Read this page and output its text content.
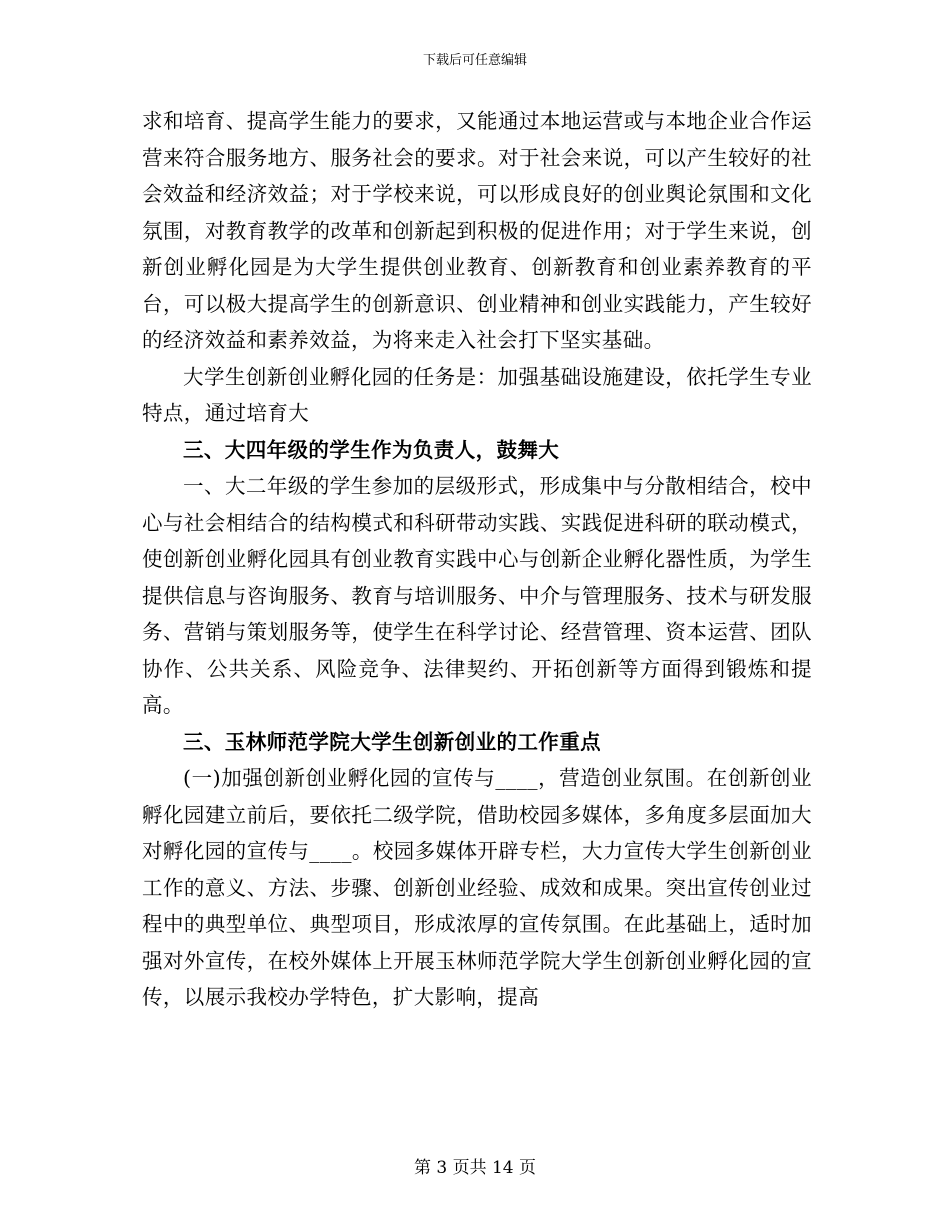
下载后可任意编辑

求和培育、提高学生能力的要求，又能通过本地运营或与本地企业合作运营来符合服务地方、服务社会的要求。对于社会来说，可以产生较好的社会效益和经济效益；对于学校来说，可以形成良好的创业舆论氛围和文化氛围，对教育教学的改革和创新起到积极的促进作用；对于学生来说，创新创业孵化园是为大学生提供创业教育、创新教育和创业素养教育的平台，可以极大提高学生的创新意识、创业精神和创业实践能力，产生较好的经济效益和素养效益，为将来走入社会打下坚实基础。

大学生创新创业孵化园的任务是：加强基础设施建设，依托学生专业特点，通过培育大

三、大四年级的学生作为负责人，鼓舞大

一、大二年级的学生参加的层级形式，形成集中与分散相结合，校中心与社会相结合的结构模式和科研带动实践、实践促进科研的联动模式，使创新创业孵化园具有创业教育实践中心与创新企业孵化器性质，为学生提供信息与咨询服务、教育与培训服务、中介与管理服务、技术与研发服务、营销与策划服务等，使学生在科学讨论、经营管理、资本运营、团队协作、公共关系、风险竞争、法律契约、开拓创新等方面得到锻炼和提高。

三、玉林师范学院大学生创新创业的工作重点

(一)加强创新创业孵化园的宣传与____，营造创业氛围。在创新创业孵化园建立前后，要依托二级学院，借助校园多媒体，多角度多层面加大对孵化园的宣传与____。校园多媒体开辟专栏，大力宣传大学生创新创业工作的意义、方法、步骤、创新创业经验、成效和成果。突出宣传创业过程中的典型单位、典型项目，形成浓厚的宣传氛围。在此基础上，适时加强对外宣传，在校外媒体上开展玉林师范学院大学生创新创业孵化园的宣传，以展示我校办学特色，扩大影响，提高

第 3 页共 14 页
